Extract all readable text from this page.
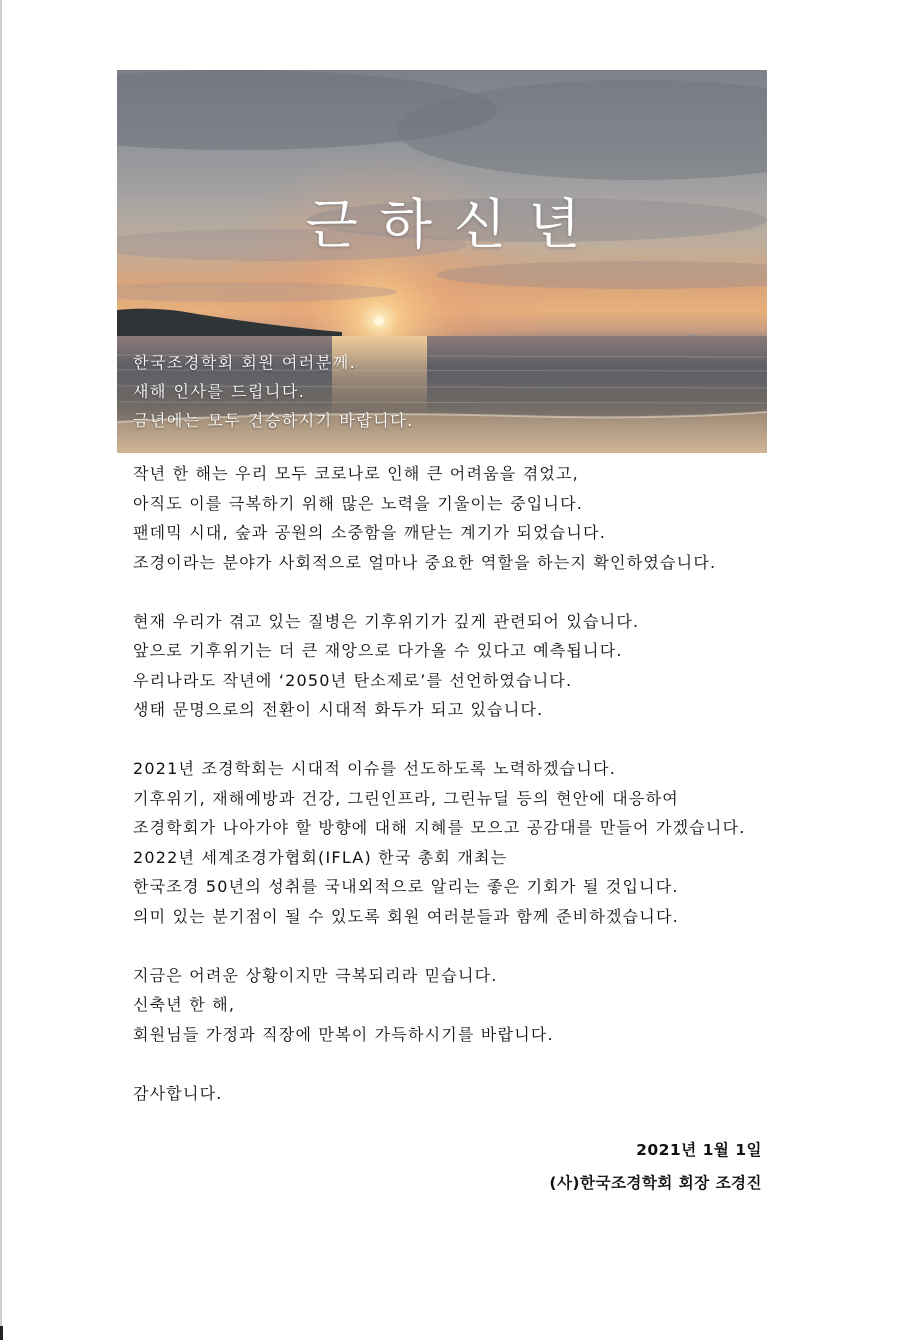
근하신년
한국조경학회 회원 여러분께.
새해 인사를 드립니다.
금년에는 모두 건승하시기 바랍니다.
작년 한 해는 우리 모두 코로나로 인해 큰 어려움을 겪었고,
아직도 이를 극복하기 위해 많은 노력을 기울이는 중입니다.
팬데믹 시대, 숲과 공원의 소중함을 깨닫는 계기가 되었습니다.
조경이라는 분야가 사회적으로 얼마나 중요한 역할을 하는지 확인하였습니다.
현재 우리가 겪고 있는 질병은 기후위기가 깊게 관련되어 있습니다.
앞으로 기후위기는 더 큰 재앙으로 다가올 수 있다고 예측됩니다.
우리나라도 작년에 ‘2050년 탄소제로’를 선언하였습니다.
생태 문명으로의 전환이 시대적 화두가 되고 있습니다.
2021년 조경학회는 시대적 이슈를 선도하도록 노력하겠습니다.
기후위기, 재해예방과 건강, 그린인프라, 그린뉴딜 등의 현안에 대응하여
조경학회가 나아가야 할 방향에 대해 지혜를 모으고 공감대를 만들어 가겠습니다.
2022년 세계조경가협회(IFLA) 한국 총회 개최는
한국조경 50년의 성취를 국내외적으로 알리는 좋은 기회가 될 것입니다.
의미 있는 분기점이 될 수 있도록 회원 여러분들과 함께 준비하겠습니다.
지금은 어려운 상황이지만 극복되리라 믿습니다.
신축년 한 해,
회원님들 가정과 직장에 만복이 가득하시기를 바랍니다.
감사합니다.
2021년 1월 1일
(사)한국조경학회 회장 조경진
